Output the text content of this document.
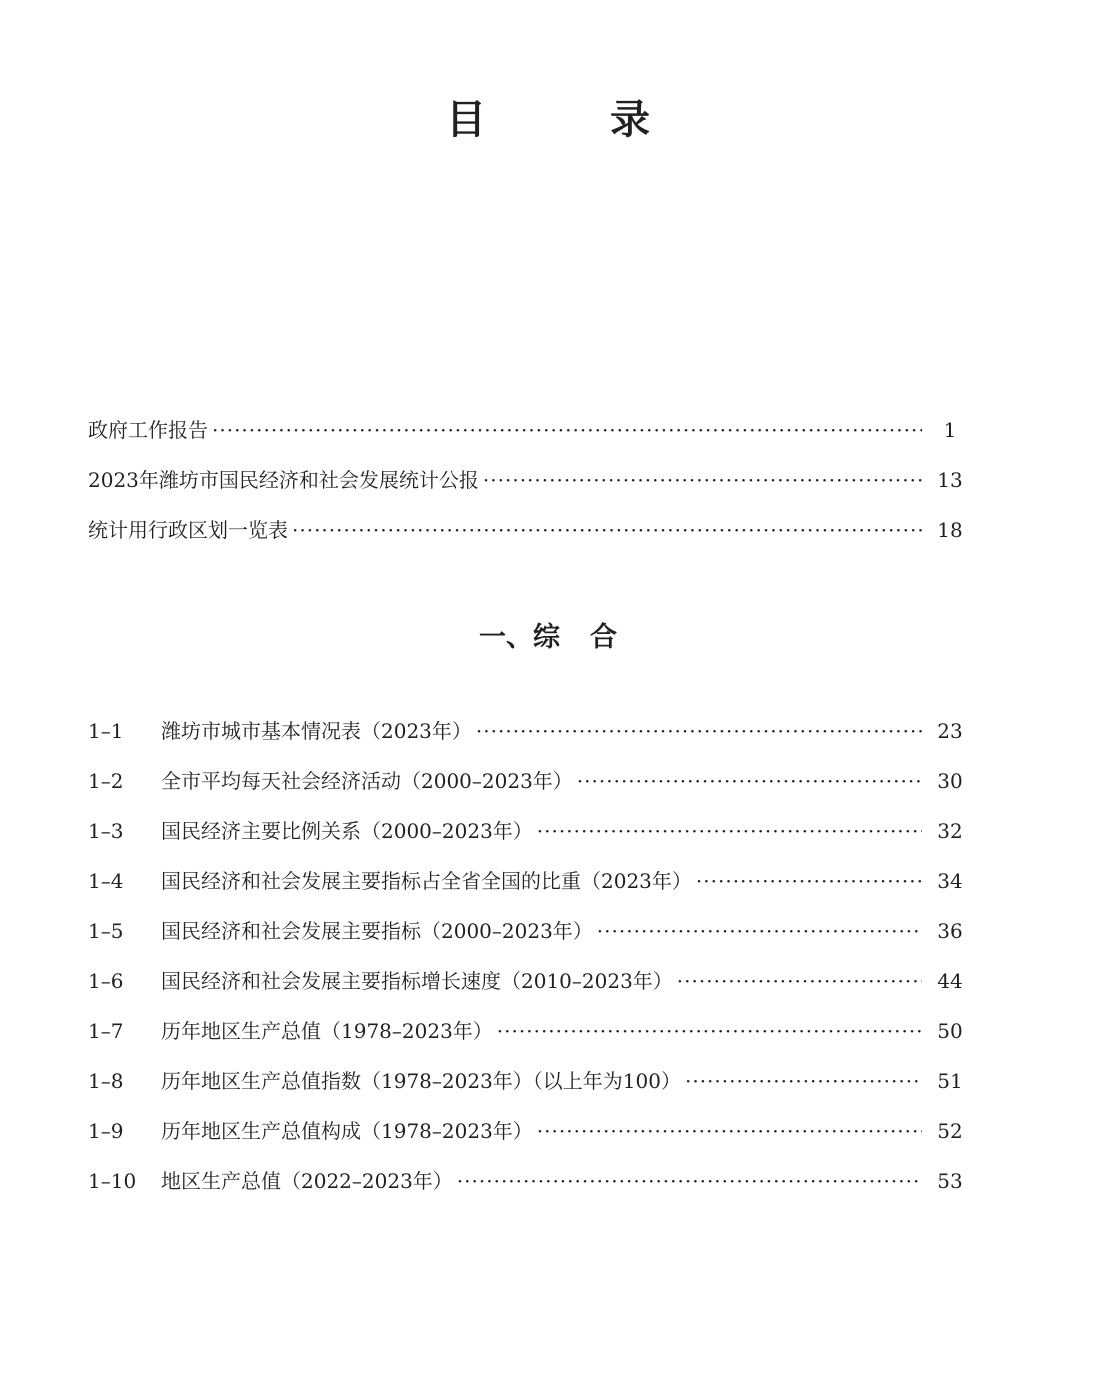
目　录
政府工作报告 ·····	1
2023年潍坊市国民经济和社会发展统计公报 ·····	13
统计用行政区划一览表 ·····	18
一、综 合
1–1	潍坊市城市基本情况表（2023年） ·····	23
1–2	全市平均每天社会经济活动（2000–2023年） ·····	30
1–3	国民经济主要比例关系（2000–2023年） ·····	32
1–4	国民经济和社会发展主要指标占全省全国的比重（2023年） ·····	34
1–5	国民经济和社会发展主要指标（2000–2023年） ·····	36
1–6	国民经济和社会发展主要指标增长速度（2010–2023年） ·····	44
1–7	历年地区生产总值（1978–2023年） ·····	50
1–8	历年地区生产总值指数（1978–2023年）（以上年为100） ·····	51
1–9	历年地区生产总值构成（1978–2023年） ·····	52
1–10	地区生产总值（2022–2023年） ·····	53
